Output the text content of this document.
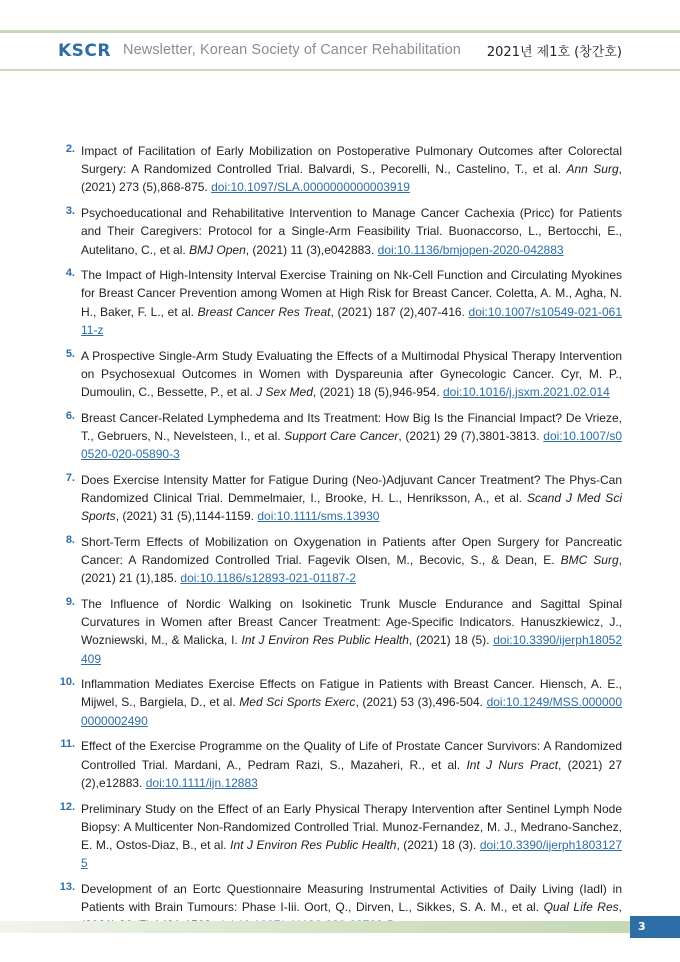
KSCR Newsletter, Korean Society of Cancer Rehabilitation 2021년 제1호 (창간호)
2. Impact of Facilitation of Early Mobilization on Postoperative Pulmonary Outcomes after Colorectal Surgery: A Randomized Controlled Trial. Balvardi, S., Pecorelli, N., Castelino, T., et al. Ann Surg, (2021) 273 (5),868-875. doi:10.1097/SLA.0000000000003919
3. Psychoeducational and Rehabilitative Intervention to Manage Cancer Cachexia (Pricc) for Patients and Their Caregivers: Protocol for a Single-Arm Feasibility Trial. Buonaccorso, L., Bertocchi, E., Autelitano, C., et al. BMJ Open, (2021) 11 (3),e042883. doi:10.1136/bmjopen-2020-042883
4. The Impact of High-Intensity Interval Exercise Training on Nk-Cell Function and Circulating Myokines for Breast Cancer Prevention among Women at High Risk for Breast Cancer. Coletta, A. M., Agha, N. H., Baker, F. L., et al. Breast Cancer Res Treat, (2021) 187 (2),407-416. doi:10.1007/s10549-021-06111-z
5. A Prospective Single-Arm Study Evaluating the Effects of a Multimodal Physical Therapy Intervention on Psychosexual Outcomes in Women with Dyspareunia after Gynecologic Cancer. Cyr, M. P., Dumoulin, C., Bessette, P., et al. J Sex Med, (2021) 18 (5),946-954. doi:10.1016/j.jsxm.2021.02.014
6. Breast Cancer-Related Lymphedema and Its Treatment: How Big Is the Financial Impact? De Vrieze, T., Gebruers, N., Nevelsteen, I., et al. Support Care Cancer, (2021) 29 (7),3801-3813. doi:10.1007/s00520-020-05890-3
7. Does Exercise Intensity Matter for Fatigue During (Neo-)Adjuvant Cancer Treatment? The Phys-Can Randomized Clinical Trial. Demmelmaier, I., Brooke, H. L., Henriksson, A., et al. Scand J Med Sci Sports, (2021) 31 (5),1144-1159. doi:10.1111/sms.13930
8. Short-Term Effects of Mobilization on Oxygenation in Patients after Open Surgery for Pancreatic Cancer: A Randomized Controlled Trial. Fagevik Olsen, M., Becovic, S., & Dean, E. BMC Surg, (2021) 21 (1),185. doi:10.1186/s12893-021-01187-2
9. The Influence of Nordic Walking on Isokinetic Trunk Muscle Endurance and Sagittal Spinal Curvatures in Women after Breast Cancer Treatment: Age-Specific Indicators. Hanuszkiewicz, J., Wozniewski, M., & Malicka, I. Int J Environ Res Public Health, (2021) 18 (5). doi:10.3390/ijerph18052409
10. Inflammation Mediates Exercise Effects on Fatigue in Patients with Breast Cancer. Hiensch, A. E., Mijwel, S., Bargiela, D., et al. Med Sci Sports Exerc, (2021) 53 (3),496-504. doi:10.1249/MSS.0000000000002490
11. Effect of the Exercise Programme on the Quality of Life of Prostate Cancer Survivors: A Randomized Controlled Trial. Mardani, A., Pedram Razi, S., Mazaheri, R., et al. Int J Nurs Pract, (2021) 27 (2),e12883. doi:10.1111/ijn.12883
12. Preliminary Study on the Effect of an Early Physical Therapy Intervention after Sentinel Lymph Node Biopsy: A Multicenter Non-Randomized Controlled Trial. Munoz-Fernandez, M. J., Medrano-Sanchez, E. M., Ostos-Diaz, B., et al. Int J Environ Res Public Health, (2021) 18 (3). doi:10.3390/ijerph18031275
13. Development of an Eortc Questionnaire Measuring Instrumental Activities of Daily Living (Iadl) in Patients with Brain Tumours: Phase I-Iii. Oort, Q., Dirven, L., Sikkes, S. A. M., et al. Qual Life Res,
3
